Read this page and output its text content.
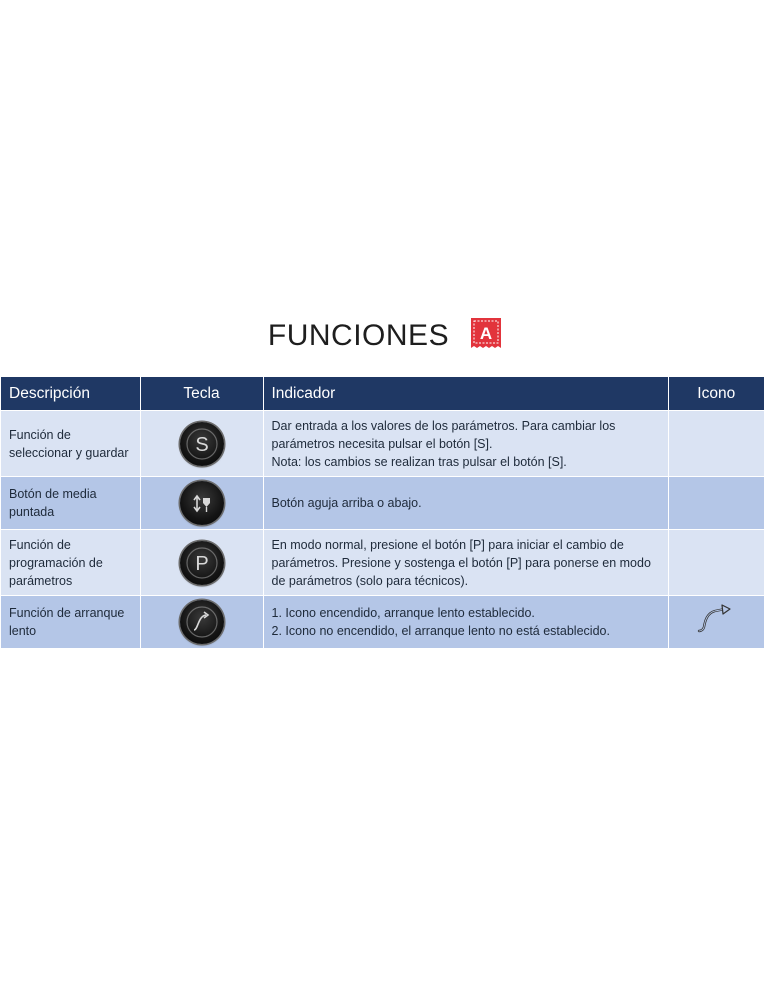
FUNCIONES A
Descripción	Tecla	Indicador	Icono
Función de seleccionar y guardar	S	Dar entrada a los valores de los parámetros. Para cambiar los parámetros necesita pulsar el botón [S].
Nota: los cambios se realizan tras pulsar el botón [S].	

Botón de media puntada		Botón aguja arriba o abajo.	

Función de programación de parámetros	P	En modo normal, presione el botón [P] para iniciar el cambio de parámetros. Presione y sostenga el botón [P] para ponerse en modo de parámetros (solo para técnicos).	

Función de arranque lento		1. Icono encendido, arranque lento establecido.
2. Icono no encendido, el arranque lento no está establecido.
